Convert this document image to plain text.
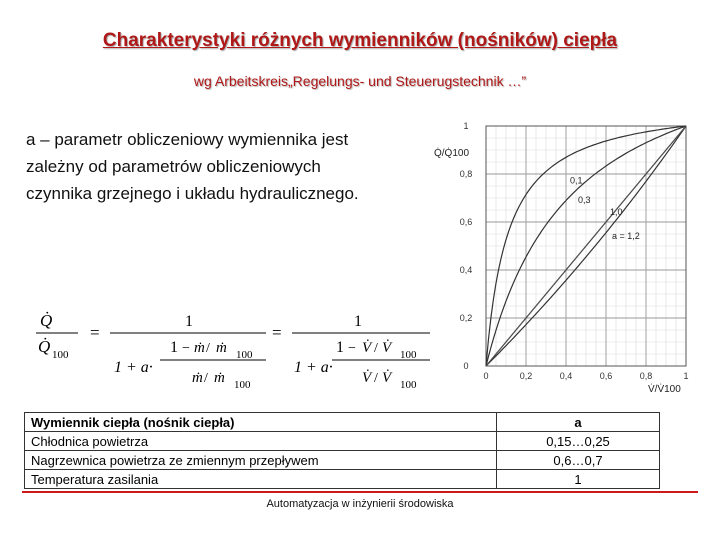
Charakterystyki różnych wymienników (nośników) ciepła
wg Arbeitskreis„Regelungs- und Steuerugstechnik …”
a – parametr obliczeniowy wymiennika jest
zależny od parametrów obliczeniowych
czynnika grzejnego i układu hydraulicznego.
Q̇
Q̇ 100
=
1
1 −
1 + a·
ṁ / ṁ 100
ṁ / ṁ 100
=
1
1 −
1 + a·
V̇ / V̇ 100
V̇ / V̇ 100
0	0,2	0,4	0,6	0,8	1
0
0,2
0,4
0,6
0,8
1
Q̇/Q̇100
V̇/V̇100
0,1
0,3
1,0
a = 1,2
Wymiennik ciepła (nośnik ciepła)	a
Chłodnica powietrza	0,15…0,25
Nagrzewnica powietrza ze zmiennym przepływem	0,6…0,7
Temperatura zasilania	1
Automatyzacja w inżynierii środowiska
